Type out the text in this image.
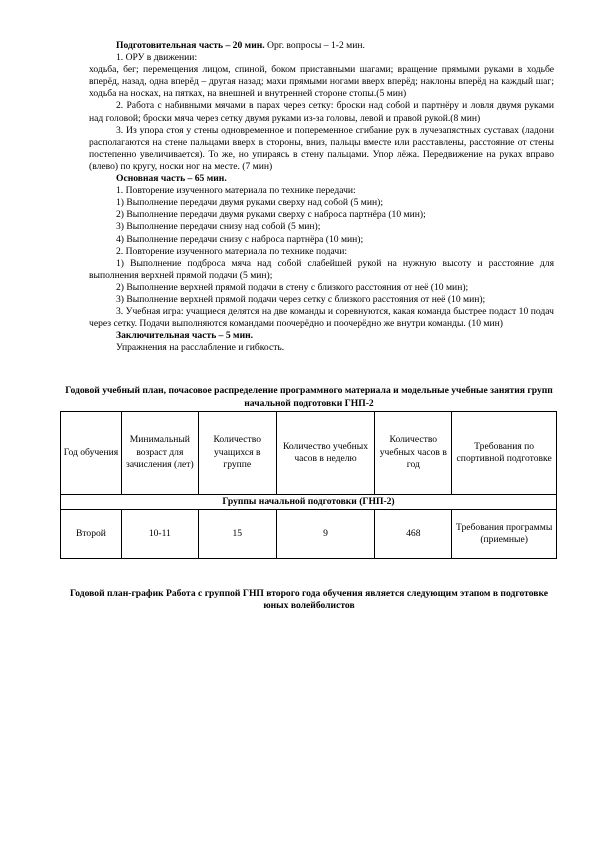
Подготовительная часть – 20 мин. Орг. вопросы – 1-2 мин.

1. ОРУ в движении:

ходьба, бег; перемещения лицом, спиной, боком приставными шагами; вращение прямыми руками в ходьбе вперёд, назад, одна вперёд – другая назад; махи прямыми ногами вверх вперёд; наклоны вперёд на каждый шаг; ходьба на носках, на пятках, на внешней и внутренней стороне стопы.(5 мин)

2. Работа с набивными мячами в парах через сетку: броски над собой и партнёру и ловля двумя руками над головой; броски мяча через сетку двумя руками из-за головы, левой и правой рукой.(8 мин)

3. Из упора стоя у стены одновременное и попеременное сгибание рук в лучезапястных суставах (ладони располагаются на стене пальцами вверх в стороны, вниз, пальцы вместе или расставлены, расстояние от стены постепенно увеличивается). То же, но упираясь в стену пальцами. Упор лёжа. Передвижение на руках вправо (влево) по кругу, носки ног на месте. (7 мин)

Основная часть – 65 мин.

1. Повторение изученного материала по технике передачи:

1) Выполнение передачи двумя руками сверху над собой (5 мин);

2) Выполнение передачи двумя руками сверху с наброса партнёра (10 мин);

3) Выполнение передачи снизу над собой (5 мин);

4) Выполнение передачи снизу с наброса партнёра (10 мин);

2. Повторение изученного материала по технике подачи:

1) Выполнение подброса мяча над собой слабейшей рукой на нужную высоту и расстояние для выполнения верхней прямой подачи (5 мин);

2) Выполнение верхней прямой подачи в стену с близкого расстояния от неё (10 мин);

3) Выполнение верхней прямой подачи через сетку с близкого расстояния от неё (10 мин);

3. Учебная игра: учащиеся делятся на две команды и соревнуются, какая команда быстрее подаст 10 подач через сетку. Подачи выполняются командами поочерёдно и поочерёдно же внутри команды. (10 мин)

Заключительная часть – 5 мин.

Упражнения на расслабление и гибкость.

Годовой учебный план, почасовое распределение программного материала и модельные учебные занятия групп начальной подготовки ГНП-2

Год обучения	Минимальный возраст для зачисления (лет)	Количество учащихся в группе	Количество учебных часов в неделю	Количество учебных часов в год	Требования по спортивной подготовке
Группы начальной подготовки (ГНП-2)					
Второй	10-11	15	9	468	Требования программы (приемные)

Годовой план-график Работа с группой ГНП второго года обучения является следующим этапом в подготовке юных волейболистов
